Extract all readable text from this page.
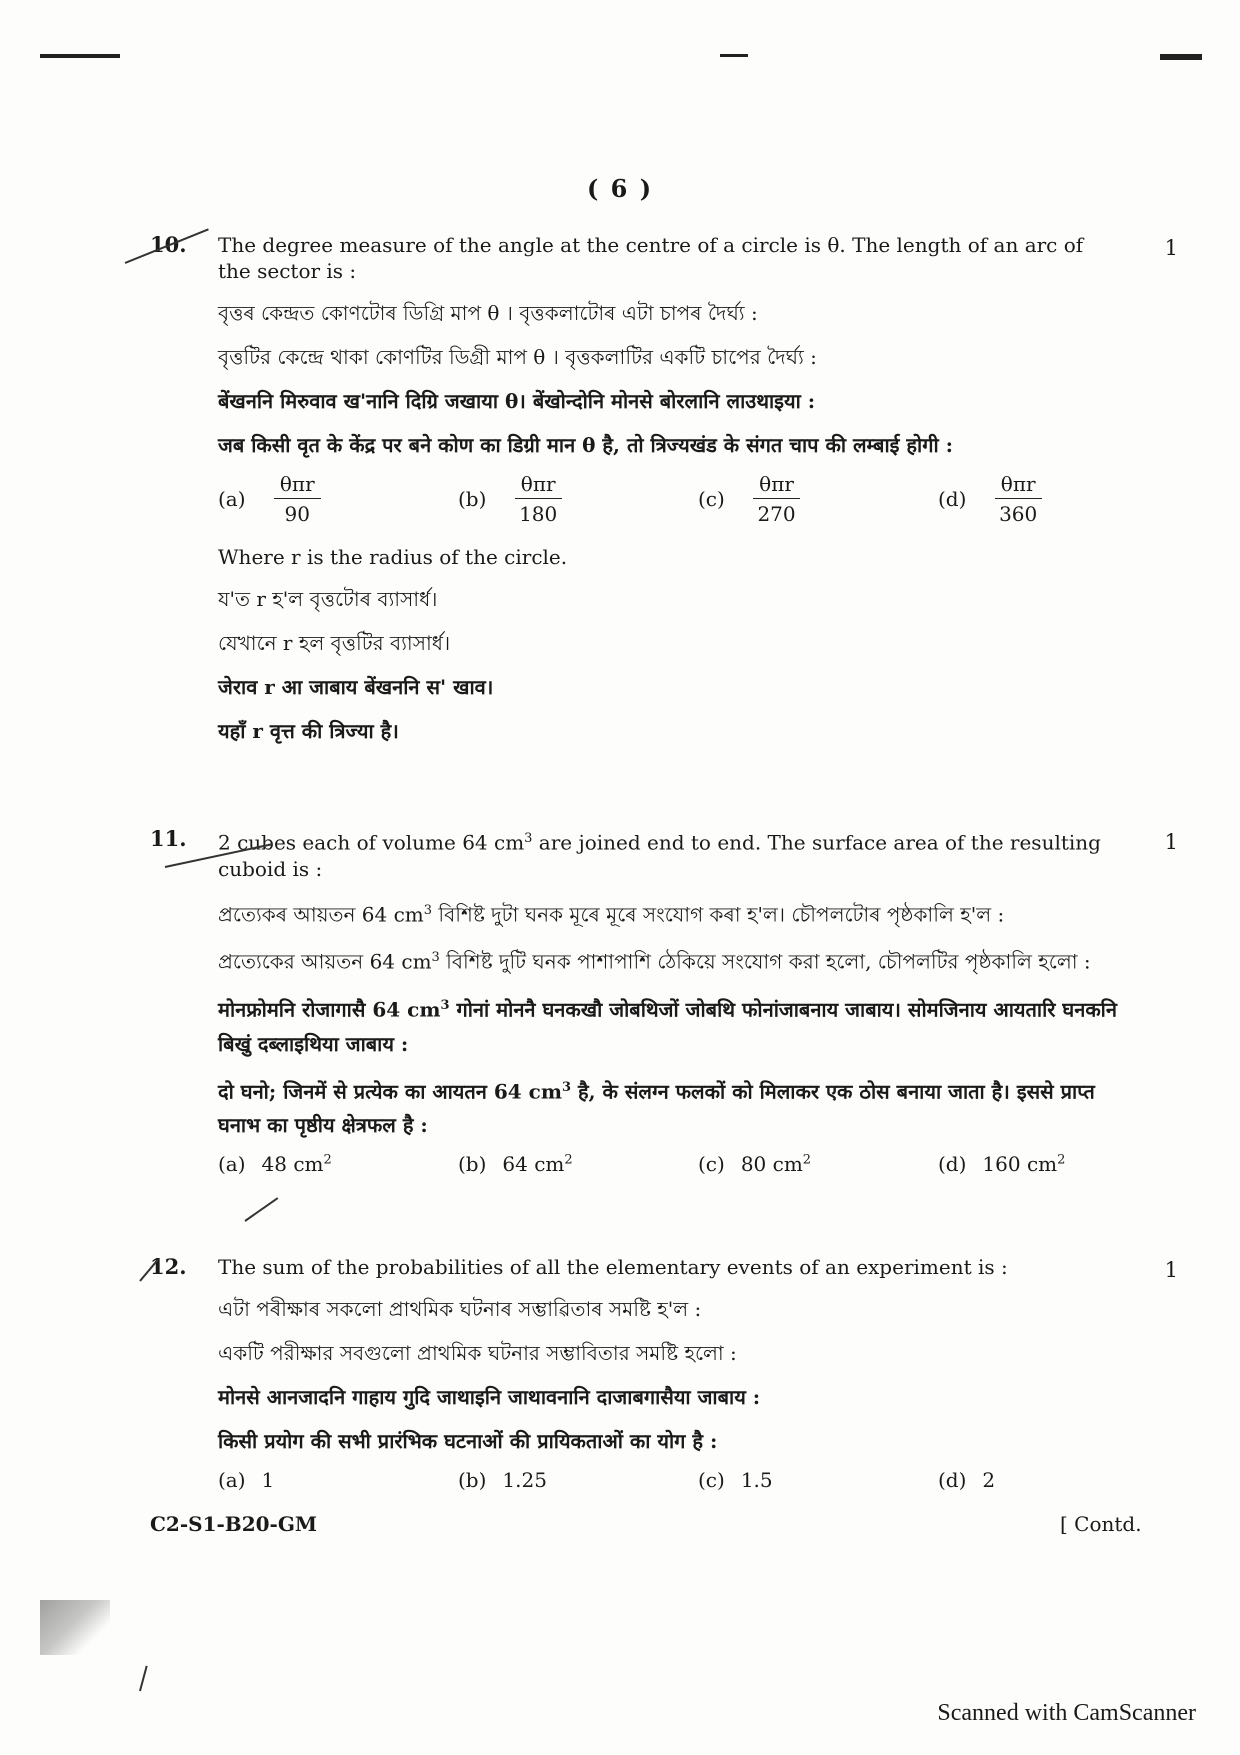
( 6 )
10.	1

The degree measure of the angle at the centre of a circle is θ. The length of an arc of the sector is :

বৃত্তৰ কেন্দ্ৰত কোণটোৰ ডিগ্ৰি মাপ θ । বৃত্তকলাটোৰ এটা চাপৰ দৈৰ্ঘ্য :

বৃত্তটির কেন্দ্রে থাকা কোণটির ডিগ্রী মাপ θ । বৃত্তকলাটির একটি চাপের দৈর্ঘ্য :

बेंखननि मिरुवाव ख'नानि दिग्रि जखाया θ। बेंखोन्दोनि मोनसे बोरलानि लाउथाइया :

जब किसी वृत के केंद्र पर बने कोण का डिग्री मान θ है, तो त्रिज्यखंड के संगत चाप की लम्बाई होगी :

$(a) \frac{\text{θπr}}{90}$	$(b) \frac{\text{θπr}}{180}$	$(c) \frac{\text{θπr}}{270}$	$(d) \frac{\text{θπr}}{360}$

Where r is the radius of the circle.

য'ত r হ'ল বৃত্তটোৰ ব্যাসাৰ্ধ।

যেখানে r হল বৃত্তটির ব্যাসার্ধ।

जेराव r आ जाबाय बेंखननि स' खाव।

यहाँ r वृत्त की त्रिज्या है।

11.	1

2 cubes each of volume 64 $cm^3$ are joined end to end. The surface area of the resulting cuboid is :

প্ৰত্যেকৰ আয়তন 64 $cm^3$ বিশিষ্ট দুটা ঘনক মূৰে মূৰে সংযোগ কৰা হ'ল। চৌপলটোৰ পৃষ্ঠকালি হ'ল :

প্রত্যেকের আয়তন 64 $cm^3$ বিশিষ্ট দুটি ঘনক পাশাপাশি ঠেকিয়ে সংযোগ করা হলো, চৌপলটির পৃষ্ঠকালি হলো :

मोनफ्रोमनि रोजागासै 64 $cm^3$ गोनां मोननै घनकखौ जोबथिजों जोबथि फोनांजाबनाय जाबाय। सोमजिनाय आयतारि घनकनि बिखुं दब्लाइथिया जाबाय :

दो घनो; जिनमें से प्रत्येक का आयतन 64 $cm^3$ है, के संलग्न फलकों को मिलाकर एक ठोस बनाया जाता है। इससे प्राप्त घनाभ का पृष्ठीय क्षेत्रफल है :

(a) 48 $cm^2$	(b) 64 $cm^2$	(c) 80 $cm^2$	(d) 160 $cm^2$
12.	1

The sum of the probabilities of all the elementary events of an experiment is :

এটা পৰীক্ষাৰ সকলো প্ৰাথমিক ঘটনাৰ সম্ভাৱিতাৰ সমষ্টি হ'ল :

একটি পরীক্ষার সবগুলো প্রাথমিক ঘটনার সম্ভাবিতার সমষ্টি হলো :

मोनसे आनजादनि गाहाय गुदि जाथाइनि जाथावनानि दाजाबगासैया जाबाय :

किसी प्रयोग की सभी प्रारंभिक घटनाओं की प्रायिकताओं का योग है :

(a) 1	(b) 1.25	(c) 1.5	(d) 2
C2-S1-B20-GM	[ Contd.
Scanned with CamScanner
